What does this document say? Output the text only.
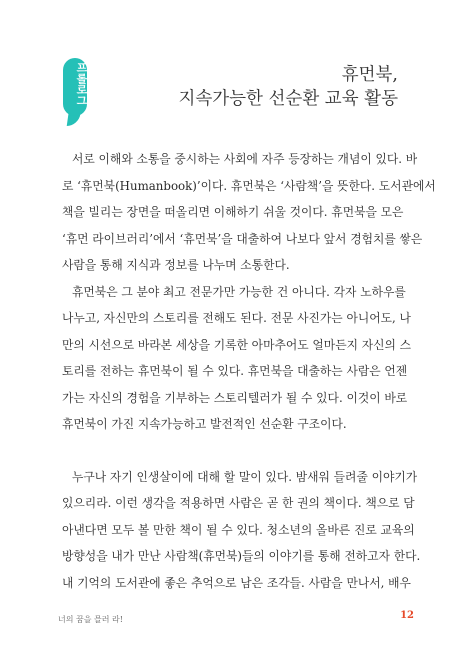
프롤로그	휴먼북,
지속가능한 선순환 교육 활동

서로 이해와 소통을 중시하는 사회에 자주 등장하는 개념이 있다. 바
로 ‘휴먼북(Humanbook)’이다. 휴먼북은 ‘사람책’을 뜻한다. 도서관에서
책을 빌리는 장면을 떠올리면 이해하기 쉬울 것이다. 휴먼북을 모은
‘휴먼 라이브러리’에서 ‘휴먼북’을 대출하여 나보다 앞서 경험치를 쌓은
사람을 통해 지식과 정보를 나누며 소통한다.

휴먼북은 그 분야 최고 전문가만 가능한 건 아니다. 각자 노하우를
나누고, 자신만의 스토리를 전해도 된다. 전문 사진가는 아니어도, 나
만의 시선으로 바라본 세상을 기록한 아마추어도 얼마든지 자신의 스
토리를 전하는 휴먼북이 될 수 있다. 휴먼북을 대출하는 사람은 언젠
가는 자신의 경험을 기부하는 스토리텔러가 될 수 있다. 이것이 바로
휴먼북이 가진 지속가능하고 발전적인 선순환 구조이다.

누구나 자기 인생살이에 대해 할 말이 있다. 밤새워 들려줄 이야기가
있으리라. 이런 생각을 적용하면 사람은 곧 한 권의 책이다. 책으로 담
아낸다면 모두 볼 만한 책이 될 수 있다. 청소년의 올바른 진로 교육의
방향성을 내가 만난 사람책(휴먼북)들의 이야기를 통해 전하고자 한다.
내 기억의 도서관에 좋은 추억으로 남은 조각들. 사람을 만나서, 배우

너의 꿈을 믈러 라!	12
